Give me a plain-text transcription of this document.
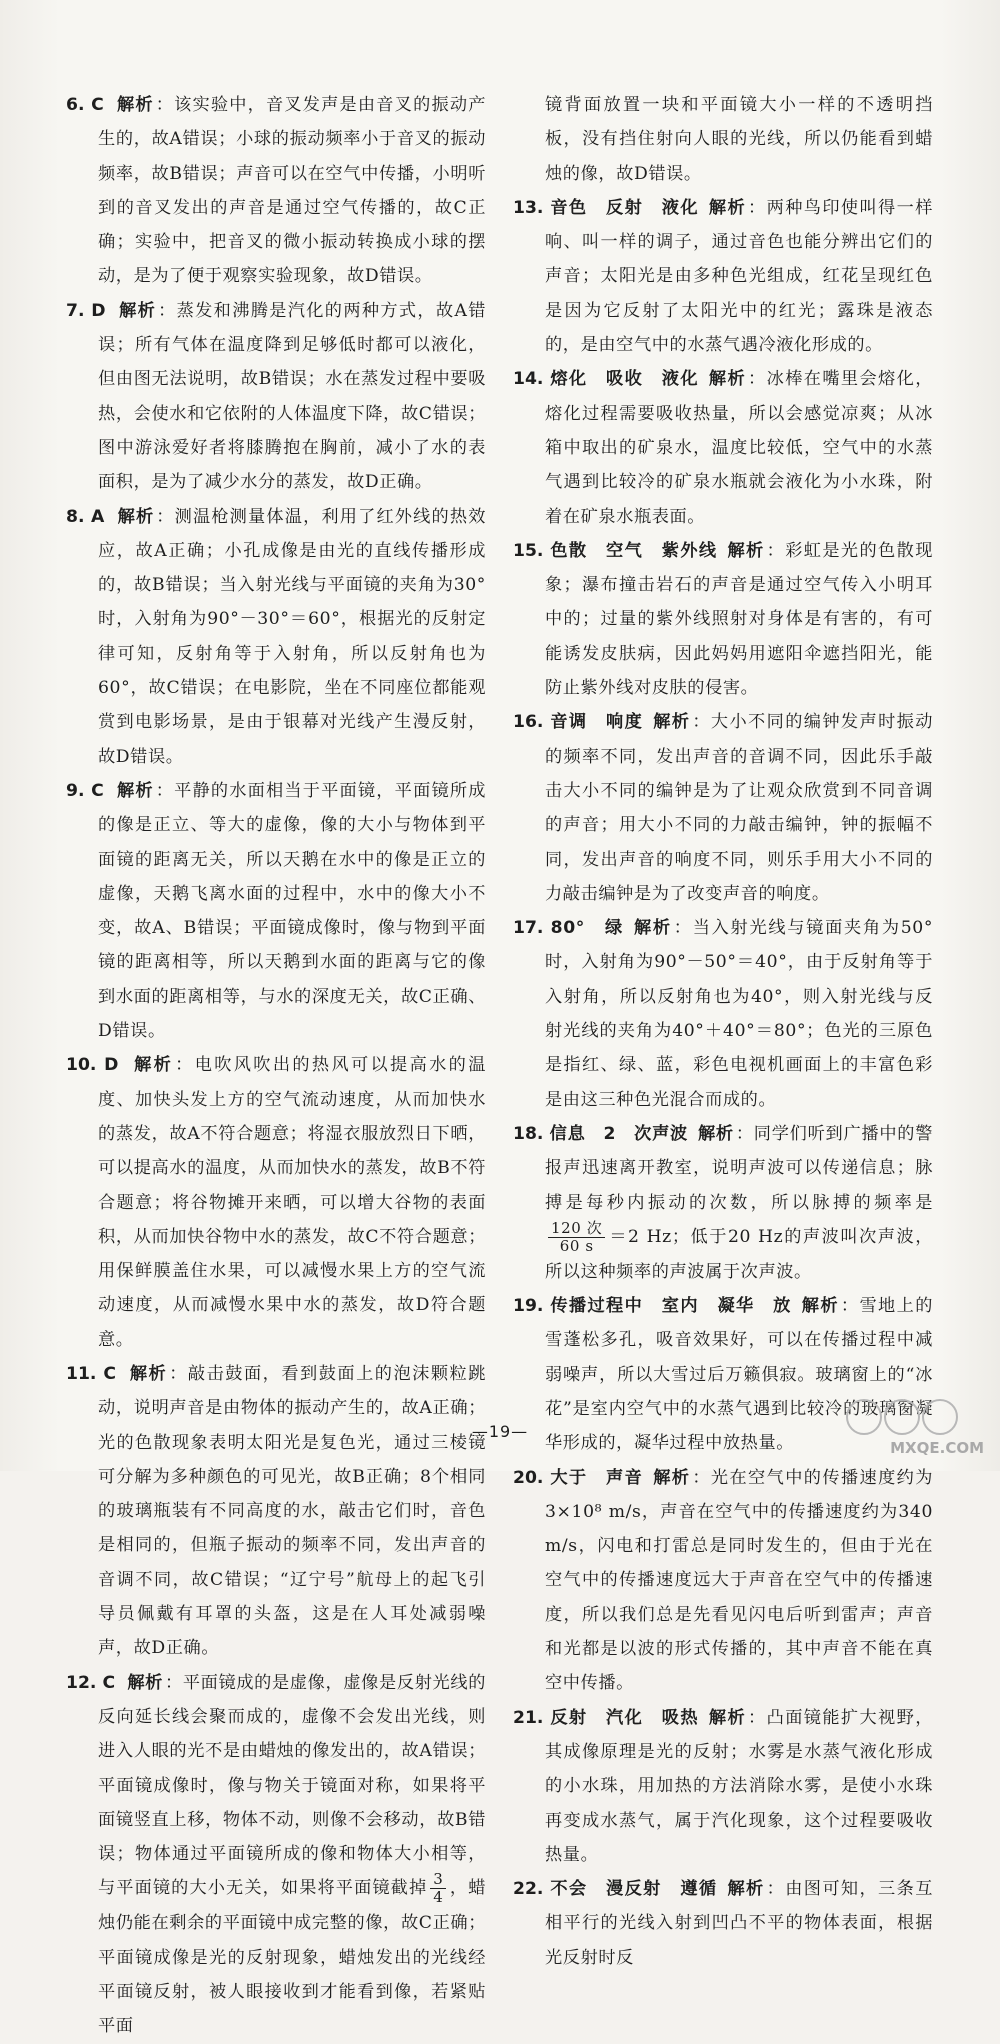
6. C 解析 ：该实验中，音叉发声是由音叉的振动产生的，故A错误；小球的振动频率小于音叉的振动频率，故B错误；声音可以在空气中传播，小明听到的音叉发出的声音是通过空气传播的，故C正确；实验中，把音叉的微小振动转换成小球的摆动，是为了便于观察实验现象，故D错误。

7. D 解析 ：蒸发和沸腾是汽化的两种方式，故A错误；所有气体在温度降到足够低时都可以液化，但由图无法说明，故B错误；水在蒸发过程中要吸热，会使水和它依附的人体温度下降，故C错误；图中游泳爱好者将膝腾抱在胸前，减小了水的表面积，是为了减少水分的蒸发，故D正确。

8. A 解析 ：测温枪测量体温，利用了红外线的热效应，故A正确；小孔成像是由光的直线传播形成的，故B错误；当入射光线与平面镜的夹角为30°时，入射角为90°－30°＝60°，根据光的反射定律可知，反射角等于入射角，所以反射角也为60°，故C错误；在电影院，坐在不同座位都能观赏到电影场景，是由于银幕对光线产生漫反射，故D错误。

9. C 解析 ：平静的水面相当于平面镜，平面镜所成的像是正立、等大的虚像，像的大小与物体到平面镜的距离无关，所以天鹅在水中的像是正立的虚像，天鹅飞离水面的过程中，水中的像大小不变，故A、B错误；平面镜成像时，像与物到平面镜的距离相等，所以天鹅到水面的距离与它的像到水面的距离相等，与水的深度无关，故C正确、D错误。

10. D 解析 ：电吹风吹出的热风可以提高水的温度、加快头发上方的空气流动速度，从而加快水的蒸发，故A不符合题意；将湿衣服放烈日下晒，可以提高水的温度，从而加快水的蒸发，故B不符合题意；将谷物摊开来晒，可以增大谷物的表面积，从而加快谷物中水的蒸发，故C不符合题意；用保鲜膜盖住水果，可以减慢水果上方的空气流动速度，从而减慢水果中水的蒸发，故D符合题意。

11. C 解析 ：敲击鼓面，看到鼓面上的泡沫颗粒跳动，说明声音是由物体的振动产生的，故A正确；光的色散现象表明太阳光是复色光，通过三棱镜可分解为多种颜色的可见光，故B正确；8个相同的玻璃瓶装有不同高度的水，敲击它们时，音色是相同的，但瓶子振动的频率不同，发出声音的音调不同，故C错误；“辽宁号”航母上的起飞引导员佩戴有耳罩的头盔，这是在人耳处减弱噪声，故D正确。

12. C 解析 ：平面镜成的是虚像，虚像是反射光线的反向延长线会聚而成的，虚像不会发出光线，则进入人眼的光不是由蜡烛的像发出的，故A错误；平面镜成像时，像与物关于镜面对称，如果将平面镜竖直上移，物体不动，则像不会移动，故B错误；物体通过平面镜所成的像和物体大小相等，与平面镜的大小无关，如果将平面镜截掉 $\frac{3}{4}$ ，蜡烛仍能在剩余的平面镜中成完整的像，故C正确；平面镜成像是光的反射现象，蜡烛发出的光线经平面镜反射，被人眼接收到才能看到像，若紧贴平面

镜背面放置一块和平面镜大小一样的不透明挡板，没有挡住射向人眼的光线，所以仍能看到蜡烛的像，故D错误。

13. 音色　反射　液化 解析 ：两种鸟印使叫得一样响、叫一样的调子，通过音色也能分辨出它们的声音；太阳光是由多种色光组成，红花呈现红色是因为它反射了太阳光中的红光；露珠是液态的，是由空气中的水蒸气遇冷液化形成的。

14. 熔化　吸收　液化 解析 ：冰棒在嘴里会熔化，熔化过程需要吸收热量，所以会感觉凉爽；从冰箱中取出的矿泉水，温度比较低，空气中的水蒸气遇到比较冷的矿泉水瓶就会液化为小水珠，附着在矿泉水瓶表面。

15. 色散　空气　紫外线 解析 ：彩虹是光的色散现象；瀑布撞击岩石的声音是通过空气传入小明耳中的；过量的紫外线照射对身体是有害的，有可能诱发皮肤病，因此妈妈用遮阳伞遮挡阳光，能防止紫外线对皮肤的侵害。

16. 音调　响度 解析 ：大小不同的编钟发声时振动的频率不同，发出声音的音调不同，因此乐手敲击大小不同的编钟是为了让观众欣赏到不同音调的声音；用大小不同的力敲击编钟，钟的振幅不同，发出声音的响度不同，则乐手用大小不同的力敲击编钟是为了改变声音的响度。

17. 80°　绿 解析 ：当入射光线与镜面夹角为50°时，入射角为90°－50°＝40°，由于反射角等于入射角，所以反射角也为40°，则入射光线与反射光线的夹角为40°＋40°＝80°；色光的三原色是指红、绿、蓝，彩色电视机画面上的丰富色彩是由这三种色光混合而成的。

18. 信息　2　次声波 解析 ：同学们听到广播中的警报声迅速离开教室，说明声波可以传递信息；脉搏是每秒内振动的次数，所以脉搏的频率是
$\frac{\text{120 次}}{60 s} =2$ Hz；低于20 Hz的声波叫次声波，所以这种频率的声波属于次声波。

19. 传播过程中　室内　凝华　放 解析 ：雪地上的雪蓬松多孔，吸音效果好，可以在传播过程中减弱噪声，所以大雪过后万籁俱寂。玻璃窗上的“冰花”是室内空气中的水蒸气遇到比较冷的玻璃窗凝华形成的，凝华过程中放热量。

20. 大于　声音 解析 ：光在空气中的传播速度约为3×10⁸ m/s，声音在空气中的传播速度约为340 m/s，闪电和打雷总是同时发生的，但由于光在空气中的传播速度远大于声音在空气中的传播速度，所以我们总是先看见闪电后听到雷声；声音和光都是以波的形式传播的，其中声音不能在真空中传播。

21. 反射　汽化　吸热 解析 ：凸面镜能扩大视野，其成像原理是光的反射；水雾是水蒸气液化形成的小水珠，用加热的方法消除水雾，是使小水珠再变成水蒸气，属于汽化现象，这个过程要吸收热量。

22. 不会　漫反射　遵循 解析 ：由图可知，三条互相平行的光线入射到凹凸不平的物体表面，根据光反射时反

—19—
MXQE.COM
